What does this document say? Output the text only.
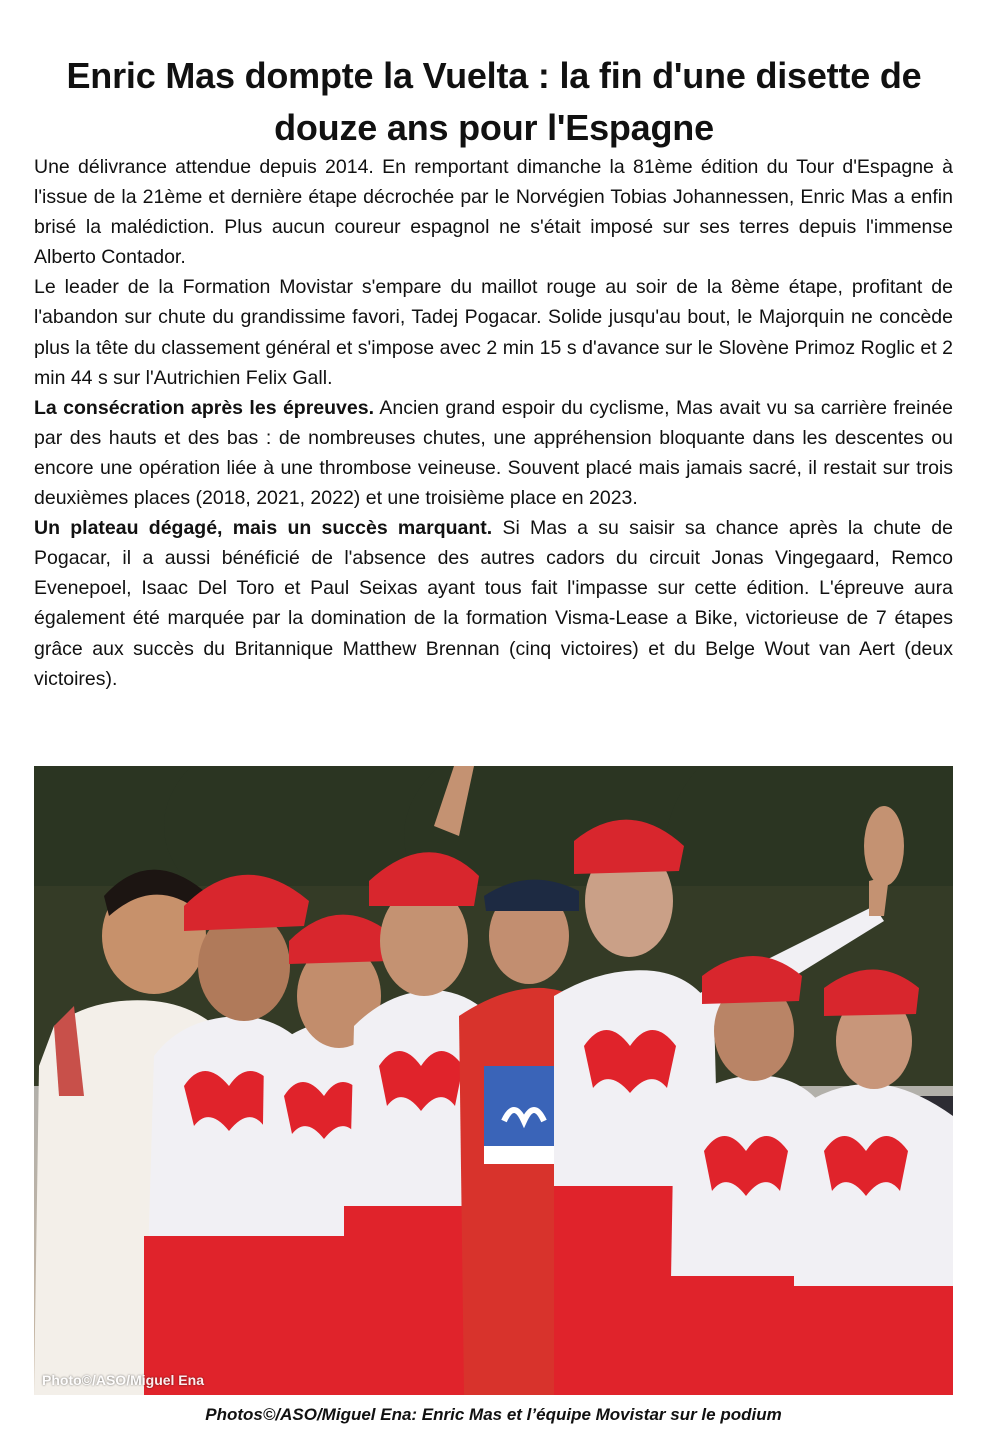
Enric Mas dompte la Vuelta : la fin d'une disette de douze ans pour l'Espagne

Une délivrance attendue depuis 2014. En remportant dimanche la 81ème édition du Tour d'Espagne à l'issue de la 21ème et dernière étape décrochée par le Norvégien Tobias Johannessen, Enric Mas a enfin brisé la malédiction. Plus aucun coureur espagnol ne s'était imposé sur ses terres depuis l'immense Alberto Contador.

Le leader de la Formation Movistar s'empare du maillot rouge au soir de la 8ème étape, profitant de l'abandon sur chute du grandissime favori, Tadej Pogacar. Solide jusqu'au bout, le Majorquin ne concède plus la tête du classement général et s'impose avec 2 min 15 s d'avance sur le Slovène Primoz Roglic et 2 min 44 s sur l'Autrichien Felix Gall.

La consécration après les épreuves. Ancien grand espoir du cyclisme, Mas avait vu sa carrière freinée par des hauts et des bas : de nombreuses chutes, une appréhension bloquante dans les descentes ou encore une opération liée à une thrombose veineuse. Souvent placé mais jamais sacré, il restait sur trois deuxièmes places (2018, 2021, 2022) et une troisième place en 2023.

Un plateau dégagé, mais un succès marquant. Si Mas a su saisir sa chance après la chute de Pogacar, il a aussi bénéficié de l'absence des autres cadors du circuit Jonas Vingegaard, Remco Evenepoel, Isaac Del Toro et Paul Seixas ayant tous fait l'impasse sur cette édition. L'épreuve aura également été marquée par la domination de la formation Visma-Lease a Bike, victorieuse de 7 étapes grâce aux succès du Britannique Matthew Brennan (cinq victoires) et du Belge Wout van Aert (deux victoires).

Photo©/ASO/Miguel Ena
Photos©/ASO/Miguel Ena: Enric Mas et l’équipe Movistar sur le podium
